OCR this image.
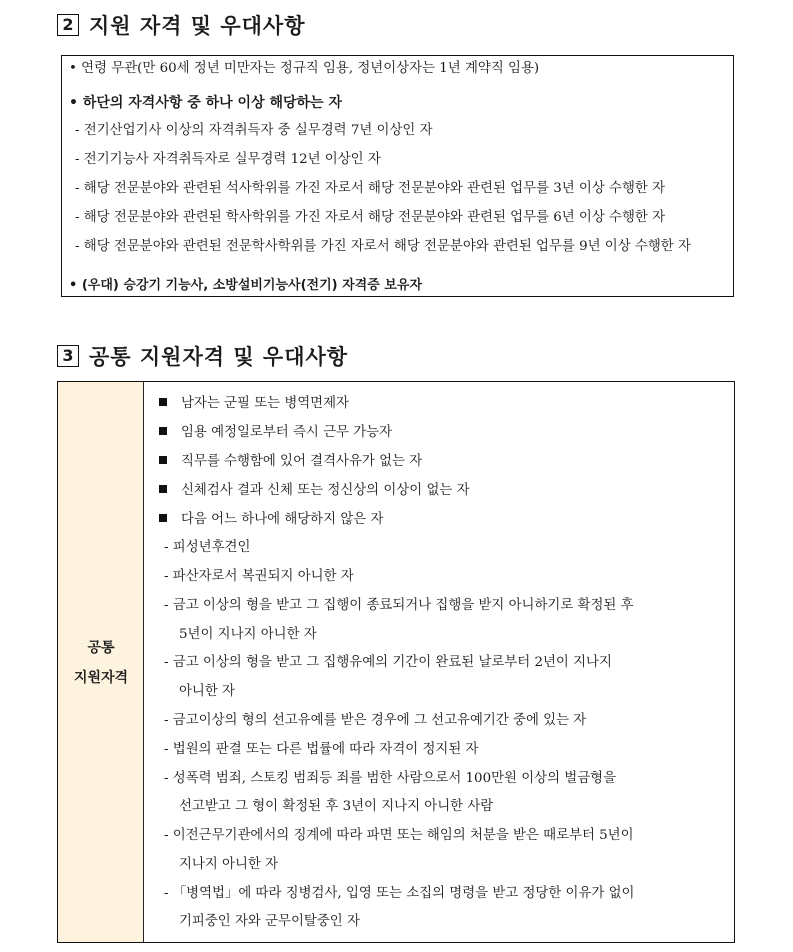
2 지원 자격 및 우대사항
• 연령 무관(만 60세 정년 미만자는 정규직 임용, 정년이상자는 1년 계약직 임용)
• 하단의 자격사항 중 하나 이상 해당하는 자
- 전기산업기사 이상의 자격취득자 중 실무경력 7년 이상인 자
- 전기기능사 자격취득자로 실무경력 12년 이상인 자
- 해당 전문분야와 관련된 석사학위를 가진 자로서 해당 전문분야와 관련된 업무를 3년 이상 수행한 자
- 해당 전문분야와 관련된 학사학위를 가진 자로서 해당 전문분야와 관련된 업무를 6년 이상 수행한 자
- 해당 전문분야와 관련된 전문학사학위를 가진 자로서 해당 전문분야와 관련된 업무를 9년 이상 수행한 자
• (우대) 승강기 기능사, 소방설비기능사(전기) 자격증 보유자
3 공통 지원자격 및 우대사항
공통
지원자격
남자는 군필 또는 병역면제자
임용 예정일로부터 즉시 근무 가능자
직무를 수행함에 있어 결격사유가 없는 자
신체검사 결과 신체 또는 정신상의 이상이 없는 자
다음 어느 하나에 해당하지 않은 자
- 피성년후견인
- 파산자로서 복권되지 아니한 자
- 금고 이상의 형을 받고 그 집행이 종료되거나 집행을 받지 아니하기로 확정된 후
5년이 지나지 아니한 자
- 금고 이상의 형을 받고 그 집행유예의 기간이 완료된 날로부터 2년이 지나지
아니한 자
- 금고이상의 형의 선고유예를 받은 경우에 그 선고유예기간 중에 있는 자
- 법원의 판결 또는 다른 법률에 따라 자격이 정지된 자
- 성폭력 범죄, 스토킹 범죄등 죄를 범한 사람으로서 100만원 이상의 벌금형을
선고받고 그 형이 확정된 후 3년이 지나지 아니한 사람
- 이전근무기관에서의 징계에 따라 파면 또는 해임의 처분을 받은 때로부터 5년이
지나지 아니한 자
- 「병역법」에 따라 징병검사, 입영 또는 소집의 명령을 받고 정당한 이유가 없이
기피중인 자와 군무이탈중인 자
